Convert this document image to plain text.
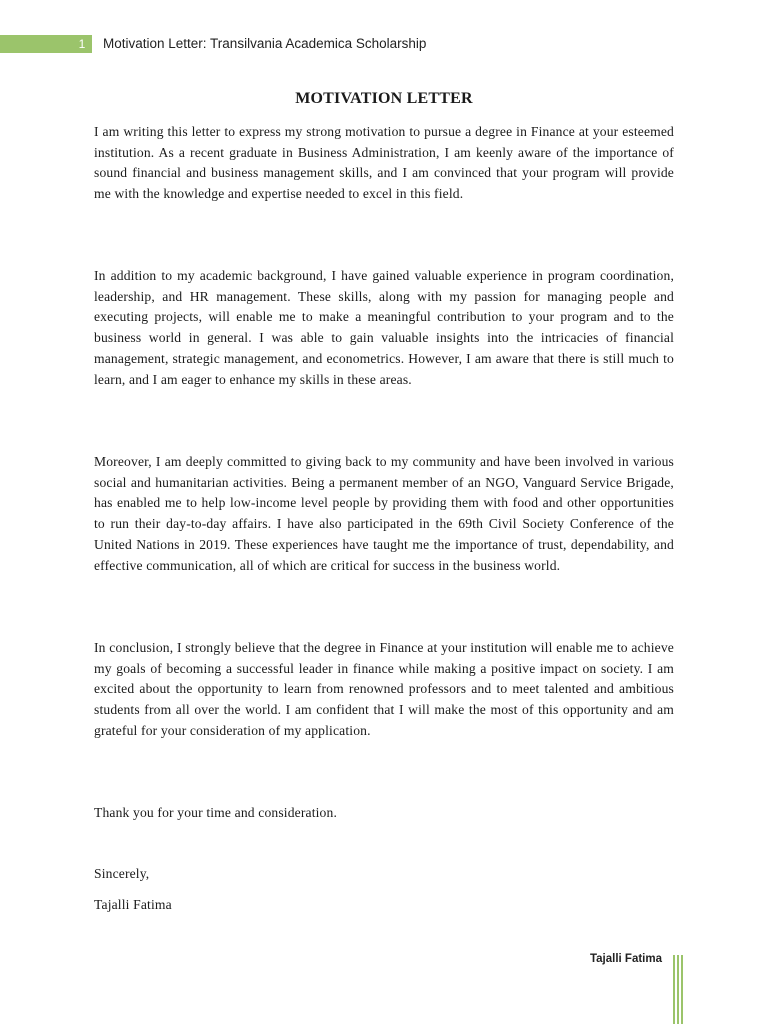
1	Motivation Letter: Transilvania Academica Scholarship
MOTIVATION LETTER

I am writing this letter to express my strong motivation to pursue a degree in Finance at your esteemed institution. As a recent graduate in Business Administration, I am keenly aware of the importance of sound financial and business management skills, and I am convinced that your program will provide me with the knowledge and expertise needed to excel in this field.

In addition to my academic background, I have gained valuable experience in program coordination, leadership, and HR management. These skills, along with my passion for managing people and executing projects, will enable me to make a meaningful contribution to your program and to the business world in general. I was able to gain valuable insights into the intricacies of financial management, strategic management, and econometrics. However, I am aware that there is still much to learn, and I am eager to enhance my skills in these areas.

Moreover, I am deeply committed to giving back to my community and have been involved in various social and humanitarian activities. Being a permanent member of an NGO, Vanguard Service Brigade, has enabled me to help low-income level people by providing them with food and other opportunities to run their day-to-day affairs. I have also participated in the 69th Civil Society Conference of the United Nations in 2019. These experiences have taught me the importance of trust, dependability, and effective communication, all of which are critical for success in the business world.

In conclusion, I strongly believe that the degree in Finance at your institution will enable me to achieve my goals of becoming a successful leader in finance while making a positive impact on society. I am excited about the opportunity to learn from renowned professors and to meet talented and ambitious students from all over the world. I am confident that I will make the most of this opportunity and am grateful for your consideration of my application.

Thank you for your time and consideration.
Sincerely,
Tajalli Fatima
Tajalli Fatima
